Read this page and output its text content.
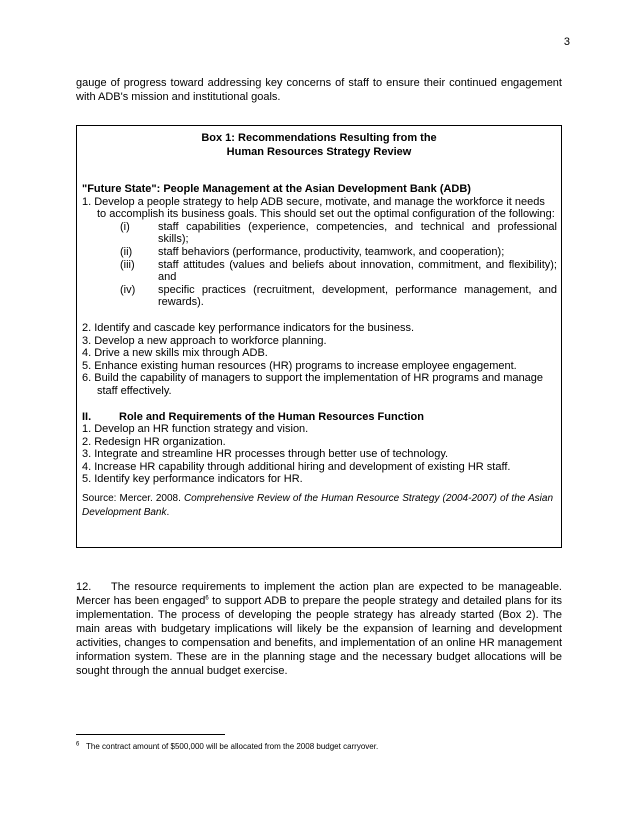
3
gauge of progress toward addressing key concerns of staff to ensure their continued engagement with ADB's mission and institutional goals.
Box 1: Recommendations Resulting from the
Human Resources Strategy Review
"Future State": People Management at the Asian Development Bank (ADB)
1. Develop a people strategy to help ADB secure, motivate, and manage the workforce it needs to accomplish its business goals. This should set out the optimal configuration of the following:
(i)	staff capabilities (experience, competencies, and technical and professional skills);
(ii)	staff behaviors (performance, productivity, teamwork, and cooperation);
(iii)	staff attitudes (values and beliefs about innovation, commitment, and flexibility); and
(iv)	specific practices (recruitment, development, performance management, and rewards).
2. Identify and cascade key performance indicators for the business.
3. Develop a new approach to workforce planning.
4. Drive a new skills mix through ADB.
5. Enhance existing human resources (HR) programs to increase employee engagement.
6. Build the capability of managers to support the implementation of HR programs and manage staff effectively.
II.	Role and Requirements of the Human Resources Function
1. Develop an HR function strategy and vision.
2. Redesign HR organization.
3. Integrate and streamline HR processes through better use of technology.
4. Increase HR capability through additional hiring and development of existing HR staff.
5. Identify key performance indicators for HR.
Source: Mercer. 2008. Comprehensive Review of the Human Resource Strategy (2004-2007) of the Asian Development Bank.
12. The resource requirements to implement the action plan are expected to be manageable. Mercer has been engaged$^6$ to support ADB to prepare the people strategy and detailed plans for its implementation. The process of developing the people strategy has already started (Box 2). The main areas with budgetary implications will likely be the expansion of learning and development activities, changes to compensation and benefits, and implementation of an online HR management information system. These are in the planning stage and the necessary budget allocations will be sought through the annual budget exercise.
$^6$ The contract amount of $500,000 will be allocated from the 2008 budget carryover.
